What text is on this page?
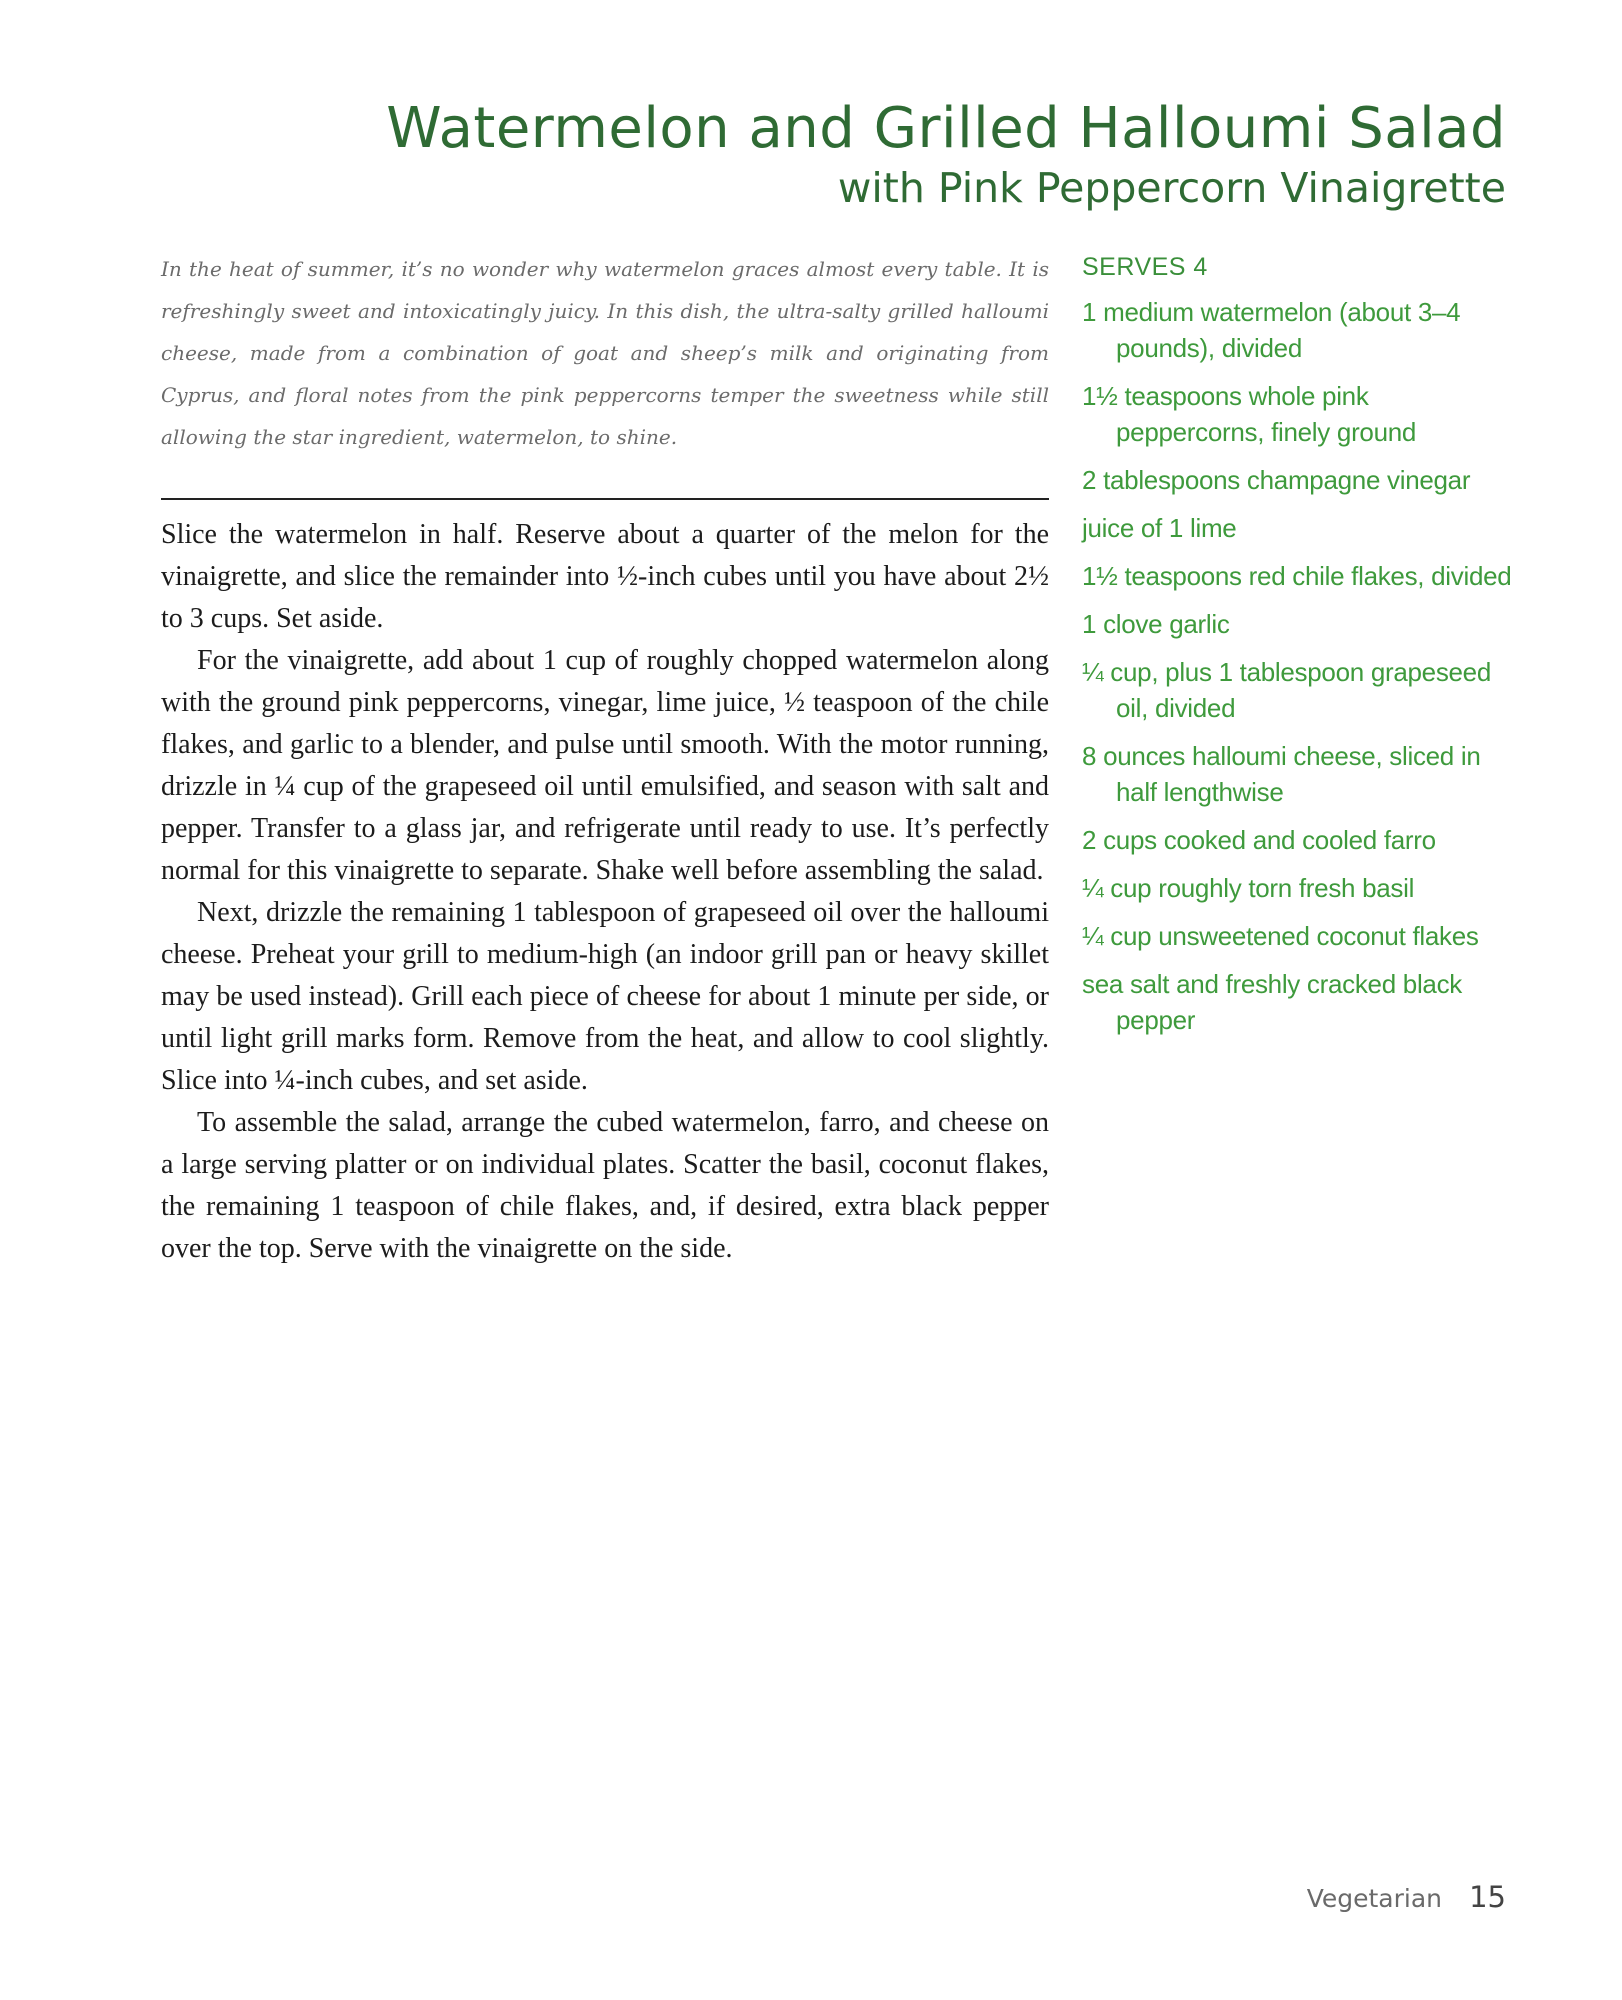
Watermelon and Grilled Halloumi Salad
with Pink Peppercorn Vinaigrette

In the heat of summer, it’s no wonder why watermelon graces almost every table. It is refreshingly sweet and intoxicatingly juicy. In this dish, the ultra-salty grilled halloumi cheese, made from a combination of goat and sheep’s milk and originating from Cyprus, and floral notes from the pink peppercorns temper the sweetness while still allowing the star ingredient, watermelon, to shine.

Slice the watermelon in half. Reserve about a quarter of the melon for the vinaigrette, and slice the remainder into ½-inch cubes until you have about 2½ to 3 cups. Set aside.

For the vinaigrette, add about 1 cup of roughly chopped watermelon along with the ground pink peppercorns, vinegar, lime juice, ½ teaspoon of the chile flakes, and garlic to a blender, and pulse until smooth. With the motor running, drizzle in ¼ cup of the grapeseed oil until emulsified, and season with salt and pepper. Transfer to a glass jar, and refrigerate until ready to use. It’s perfectly normal for this vinaigrette to separate. Shake well before assembling the salad.

Next, drizzle the remaining 1 tablespoon of grapeseed oil over the halloumi cheese. Preheat your grill to medium-high (an indoor grill pan or heavy skillet may be used instead). Grill each piece of cheese for about 1 minute per side, or until light grill marks form. Remove from the heat, and allow to cool slightly. Slice into ¼-inch cubes, and set aside.

To assemble the salad, arrange the cubed watermelon, farro, and cheese on a large serving platter or on individual plates. Scatter the basil, coconut flakes, the remaining 1 teaspoon of chile flakes, and, if desired, extra black pepper over the top. Serve with the vinaigrette on the side.

SERVES 4
1 medium watermelon (about 3–4 pounds), divided
1½ teaspoons whole pink peppercorns, finely ground
2 tablespoons champagne vinegar
juice of 1 lime
1½ teaspoons red chile flakes, divided
1 clove garlic
¼ cup, plus 1 tablespoon grapeseed oil, divided
8 ounces halloumi cheese, sliced in half lengthwise
2 cups cooked and cooled farro
¼ cup roughly torn fresh basil
¼ cup unsweetened coconut flakes
sea salt and freshly cracked black pepper
Vegetarian 15
